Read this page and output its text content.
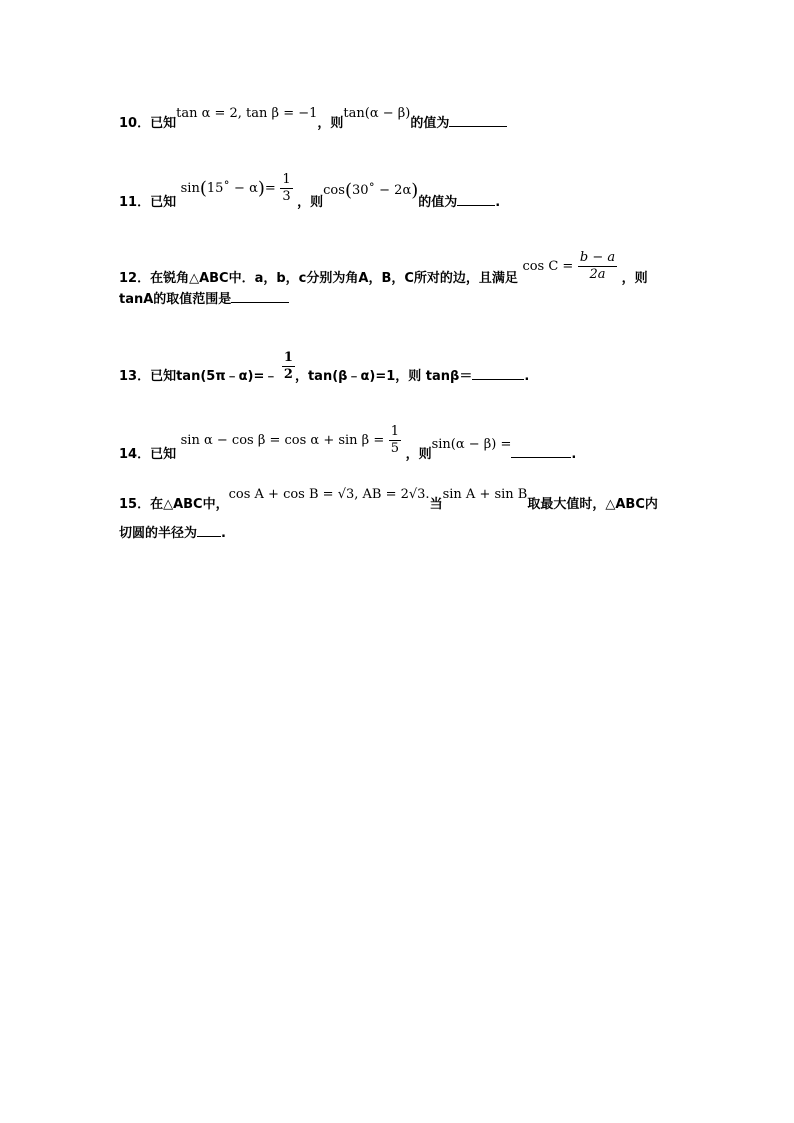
10．已知tan α = 2, tan β = −1，则tan(α − β)的值为
11．已知 sin(15˚ − $\alpha)= \frac{1}{3}$ ，则cos(30˚ − 2α)的值为	.
12．在锐角△ABC中．a，b，c分别为角A，B，C所对的边，且满足 $\cos C = \frac{b - a}{2a}$ ，则
tanA的取值范围是
13．已知tan(5π﹣α)=﹣ $\frac{1}{2}$ ，tan(β﹣α)=1，则 tanβ＝	.
14．已知 $\sin \alpha - \cos \beta = \cos \alpha + \sin \beta = \frac{1}{5}$ ，则sin(α − β) =.
15．在△ABC中，cos A + cos B = √3, AB = 2√3.当sin A + sin B取最大值时，△ABC内
切圆的半径为 .
